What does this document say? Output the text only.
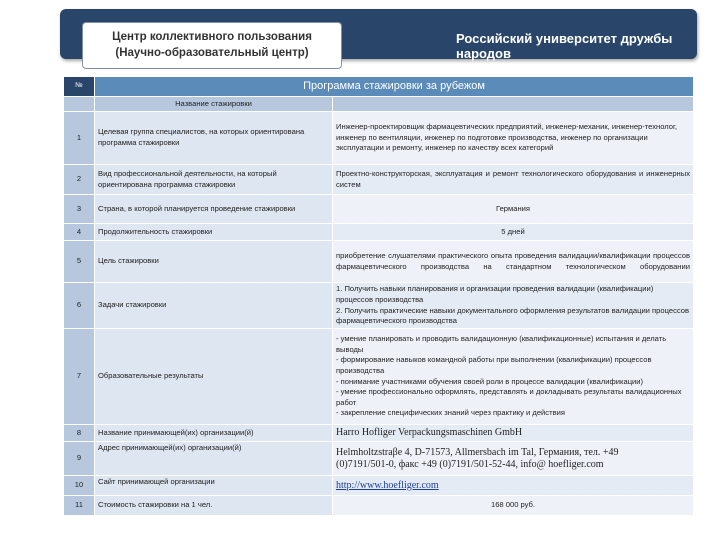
Российский университет дружбы народов
Центр коллективного пользования
(Научно-образовательный центр)
№	Программа стажировки за рубежом	
	Название стажировки	
1	Целевая группа специалистов, на которых ориентирована программа стажировки	Инженер-проектировщик фармацевтических предприятий, инженер-механик, инженер-технолог, инженер по вентиляции, инженер по подготовке производства, инженер по организации эксплуатации и ремонту, инженер по качеству всех категорий
2	Вид профессиональной деятельности, на который ориентирована программа стажировки	Проектно-конструкторская, эксплуатация и ремонт технологического оборудования и инженерных систем
3	Страна, в которой планируется проведение стажировки	Германия
4	Продолжительность стажировки	5 дней
5	Цель стажировки	приобретение слушателями практического опыта проведения валидации/квалификации процессов фармацевтического производства на стандартном технологическом оборудовании
6	Задачи стажировки	1. Получить навыки планирования и организации проведения валидации (квалификации) процессов производства
2. Получить практические навыки документального оформления результатов валидации процессов фармацевтического производства

7	Образовательные результаты	- умение планировать и проводить валидационную (квалификационные) испытания и делать выводы
- формирование навыков командной работы при выполнении (квалификации) процессов производства
- понимание участниками обучения своей роли в процессе валидации (квалификации)
- умение профессионально оформлять, представлять и докладывать результаты валидационных работ
- закрепление специфических знаний через практику и действия

8	Название принимающей(их) организации(й)	Harro Hofliger Verpackungsmaschinen GmbH
9	Адрес принимающей(их) организации(й)	Helmholtzstraβe 4, D-71573, Allmersbach im Tal, Германия, тел. +49
(0)7191/501-0, факс +49 (0)7191/501-52-44, info@ hoefliger.com

10	Сайт принимающей организации	http://www.hoefliger.com
11	Стоимость стажировки на 1 чел.	168 000 руб.
